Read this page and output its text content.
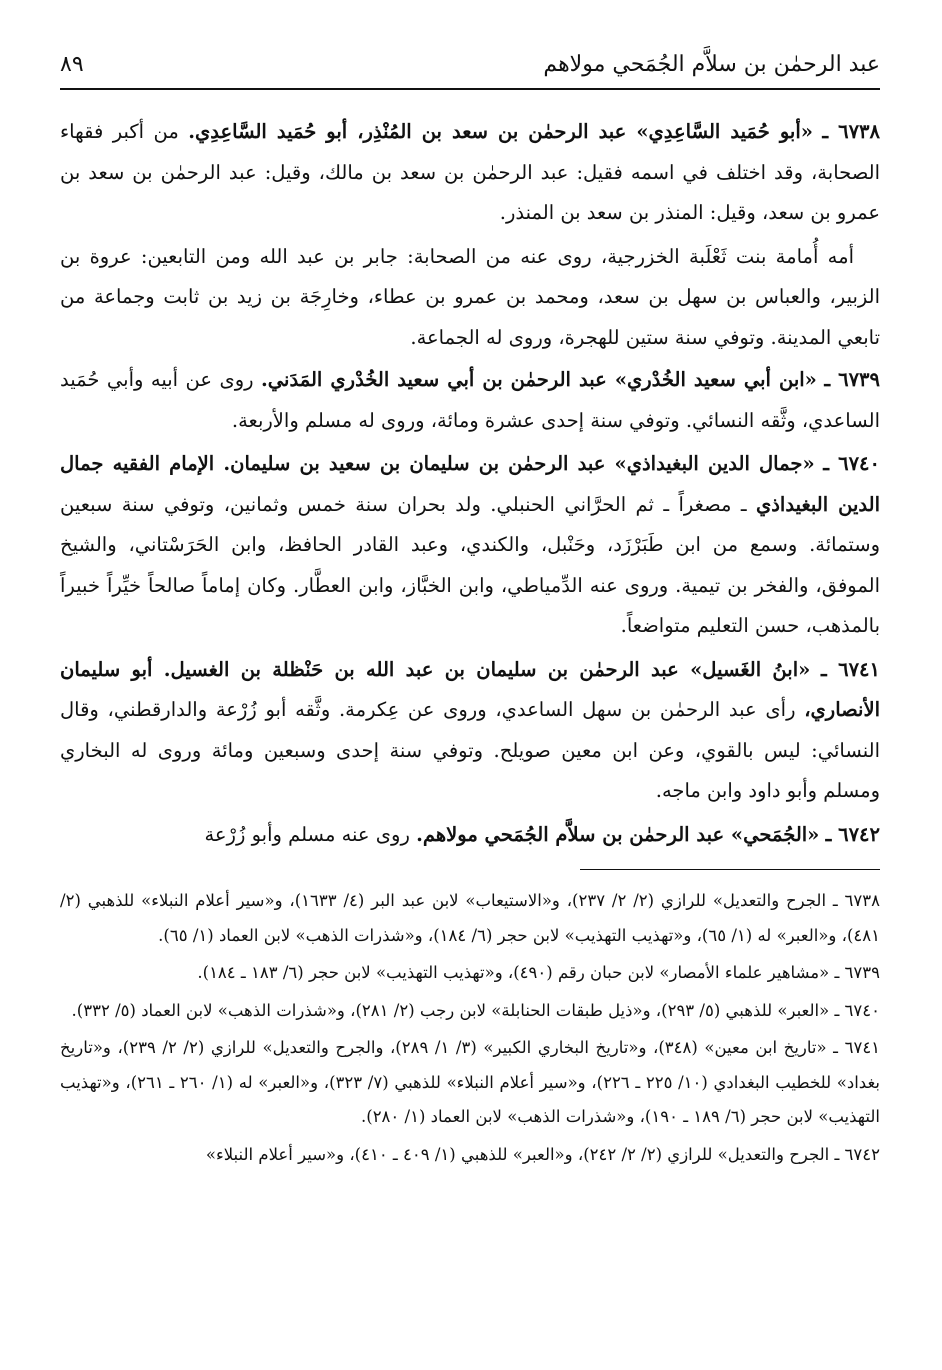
عبد الرحمٰن بن سلاَّم الجُمَحي مولاهم
٨٩

٦٧٣٨ ـ «أبو حُمَيد السَّاعِدِي» عبد الرحمٰن بن سعد بن المُنْذِر، أبو حُمَيد السَّاعِدِي. من أكبر فقهاء الصحابة، وقد اختلف في اسمه فقيل: عبد الرحمٰن بن سعد بن مالك، وقيل: عبد الرحمٰن بن سعد بن عمرو بن سعد، وقيل: المنذر بن سعد بن المنذر.

أمه أُمامة بنت ثَعْلَبة الخزرجية، روى عنه من الصحابة: جابر بن عبد الله ومن التابعين: عروة بن الزبير، والعباس بن سهل بن سعد، ومحمد بن عمرو بن عطاء، وخارِجَة بن زيد بن ثابت وجماعة من تابعي المدينة. وتوفي سنة ستين للهجرة، وروى له الجماعة.

٦٧٣٩ ـ «ابن أبي سعيد الخُدْري» عبد الرحمٰن بن أبي سعيد الخُدْري المَدَني. روى عن أبيه وأبي حُمَيد الساعدي، وثَّقه النسائي. وتوفي سنة إحدى عشرة ومائة، وروى له مسلم والأربعة.

٦٧٤٠ ـ «جمال الدين البغيداذي» عبد الرحمٰن بن سليمان بن سعيد بن سليمان. الإمام الفقيه جمال الدين البغيداذي ـ مصغراً ـ ثم الحرَّاني الحنبلي. ولد بحران سنة خمس وثمانين، وتوفي سنة سبعين وستمائة. وسمع من ابن طَبَرْزَد، وحَنْبل، والكندي، وعبد القادر الحافظ، وابن الحَرَسْتاني، والشيخ الموفق، والفخر بن تيمية. وروى عنه الدِّمياطي، وابن الخبَّاز، وابن العطَّار. وكان إماماً صالحاً خيِّراً خبيراً بالمذهب، حسن التعليم متواضعاً.

٦٧٤١ ـ «ابنُ الغَسيل» عبد الرحمٰن بن سليمان بن عبد الله بن حَنْظلة بن الغسيل. أبو سليمان الأنصاري، رأى عبد الرحمٰن بن سهل الساعدي، وروى عن عِكرمة. وثَّقه أبو زُرْعة والدارقطني، وقال النسائي: ليس بالقوي، وعن ابن معين صويلح. وتوفي سنة إحدى وسبعين ومائة وروى له البخاري ومسلم وأبو داود وابن ماجه.

٦٧٤٢ ـ «الجُمَحي» عبد الرحمٰن بن سلاَّم الجُمَحي مولاهم. روى عنه مسلم وأبو زُرْعة

٦٧٣٨ ـ الجرح والتعديل» للرازي (٢/ ٢/ ٢٣٧)، و«الاستيعاب» لابن عبد البر (٤/ ١٦٣٣)، و«سير أعلام النبلاء» للذهبي (٢/ ٤٨١)، و«العبر» له (١/ ٦٥)، و«تهذيب التهذيب» لابن حجر (٦/ ١٨٤)، و«شذرات الذهب» لابن العماد (١/ ٦٥).

٦٧٣٩ ـ «مشاهير علماء الأمصار» لابن حبان رقم (٤٩٠)، و«تهذيب التهذيب» لابن حجر (٦/ ١٨٣ ـ ١٨٤).

٦٧٤٠ ـ «العبر» للذهبي (٥/ ٢٩٣)، و«ذيل طبقات الحنابلة» لابن رجب (٢/ ٢٨١)، و«شذرات الذهب» لابن العماد (٥/ ٣٣٢).

٦٧٤١ ـ «تاريخ ابن معين» (٣٤٨)، و«تاريخ البخاري الكبير» (٣/ ١/ ٢٨٩)، والجرح والتعديل» للرازي (٢/ ٢/ ٢٣٩)، و«تاريخ بغداد» للخطيب البغدادي (١٠/ ٢٢٥ ـ ٢٢٦)، و«سير أعلام النبلاء» للذهبي (٧/ ٣٢٣)، و«العبر» له (١/ ٢٦٠ ـ ٢٦١)، و«تهذيب التهذيب» لابن حجر (٦/ ١٨٩ ـ ١٩٠)، و«شذرات الذهب» لابن العماد (١/ ٢٨٠).

٦٧٤٢ ـ الجرح والتعديل» للرازي (٢/ ٢/ ٢٤٢)، و«العبر» للذهبي (١/ ٤٠٩ ـ ٤١٠)، و«سير أعلام النبلاء»
